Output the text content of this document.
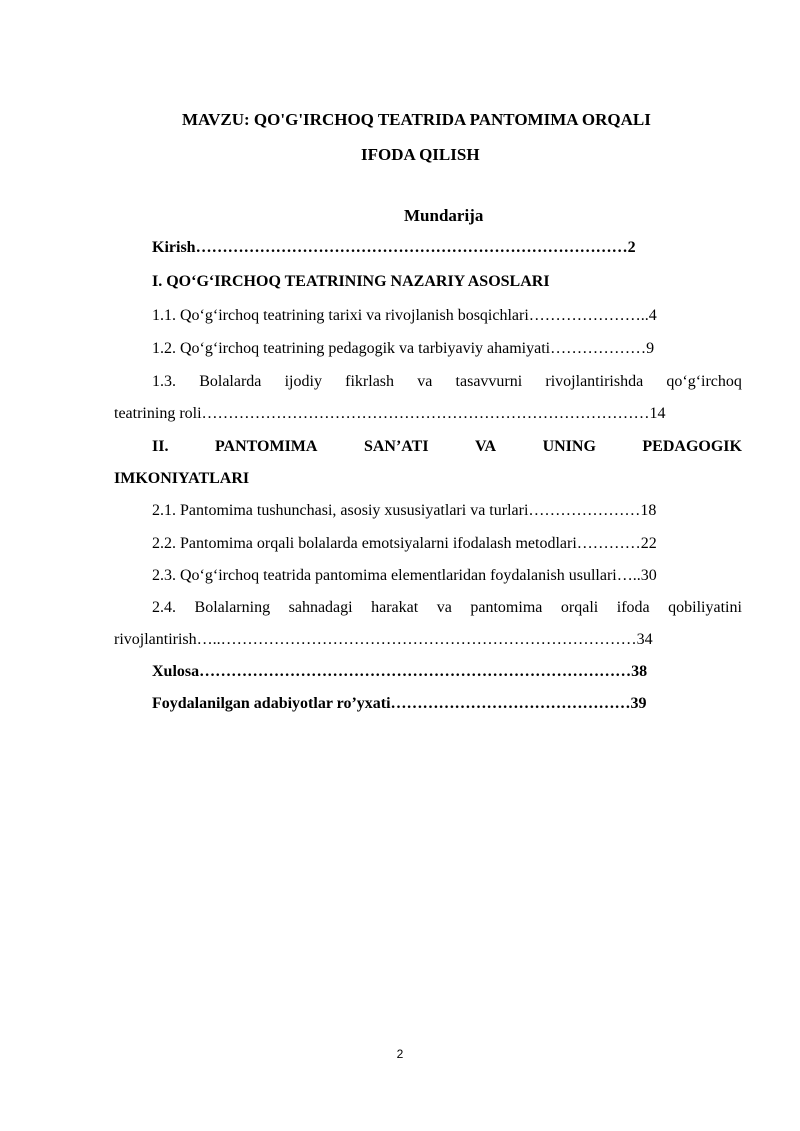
MAVZU: QO'G'IRCHOQ TEATRIDA PANTOMIMA ORQALI
IFODA QILISH
Mundarija
Kirish………………………………………………………………………2
I. QO‘G‘IRCHOQ TEATRINING NAZARIY ASOSLARI
1.1. Qo‘g‘irchoq teatrining tarixi va rivojlanish bosqichlari…………………..4
1.2. Qo‘g‘irchoq teatrining pedagogik va tarbiyaviy ahamiyati………………9
1.3. Bolalarda ijodiy fikrlash va tasavvurni rivojlantirishda qo‘g‘irchoq
teatrining roli…………………………………………………………………………14
II.	PANTOMIMA	SAN’ATI	VA	UNING	PEDAGOGIK
IMKONIYATLARI
2.1. Pantomima tushunchasi, asosiy xususiyatlari va turlari…………………18
2.2. Pantomima orqali bolalarda emotsiyalarni ifodalash metodlari…………22
2.3. Qo‘g‘irchoq teatrida pantomima elementlaridan foydalanish usullari…..30
2.4. Bolalarning sahnadagi harakat va pantomima orqali ifoda qobiliyatini
rivojlantirish…..……………………………………………………………………34
Xulosa………………………………………………………………………38
Foydalanilgan adabiyotlar ro’yxati………………………………………39
2
